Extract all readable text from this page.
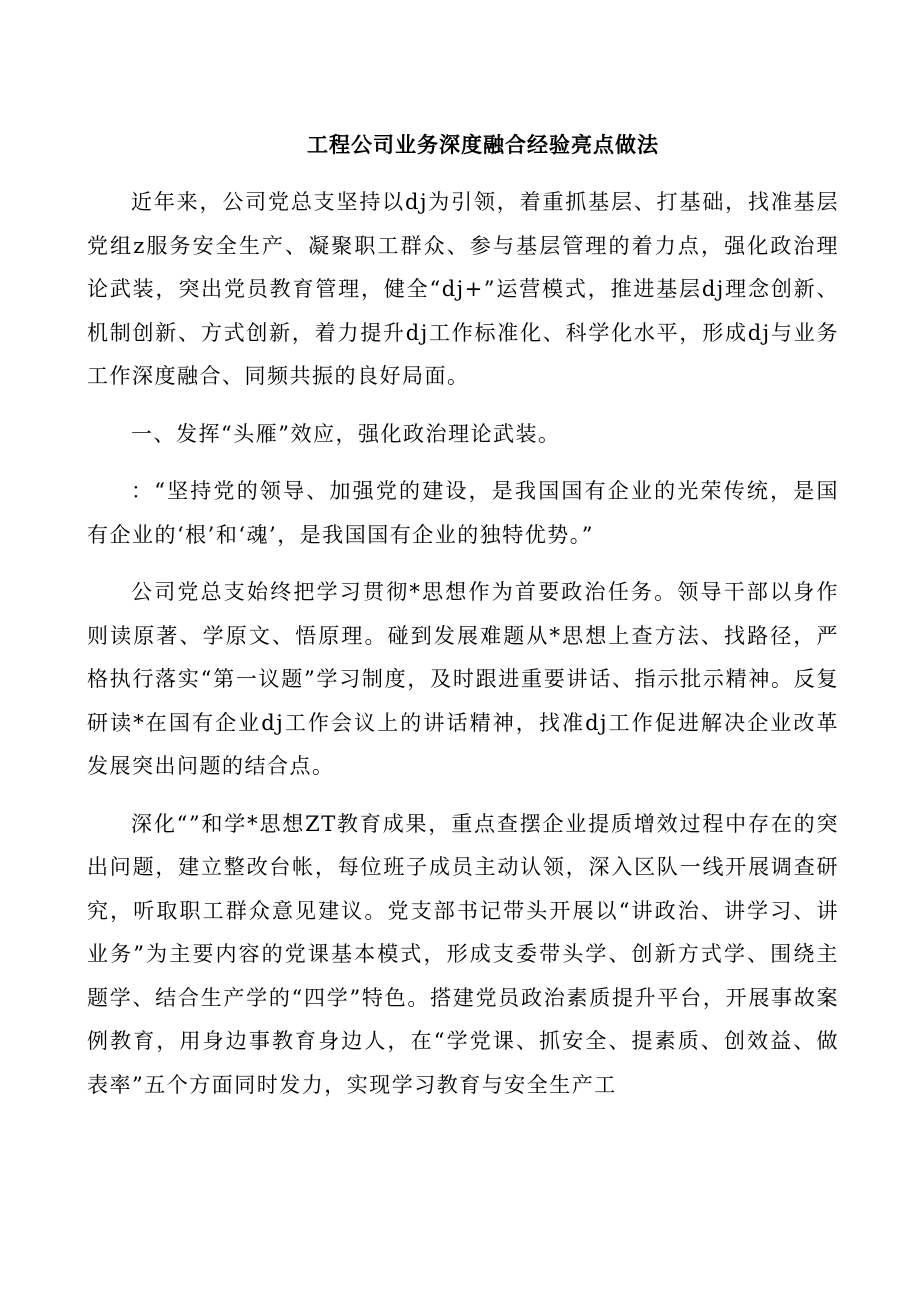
工程公司业务深度融合经验亮点做法

近年来，公司党总支坚持以dj为引领，着重抓基层、打基础，找准基层党组z服务安全生产、凝聚职工群众、参与基层管理的着力点，强化政治理论武装，突出党员教育管理，健全“dj+”运营模式，推进基层dj理念创新、机制创新、方式创新，着力提升dj工作标准化、科学化水平，形成dj与业务工作深度融合、同频共振的良好局面。

一、发挥“头雁”效应，强化政治理论武装。

：“坚持党的领导、加强党的建设，是我国国有企业的光荣传统，是国有企业的‘根’和‘魂’，是我国国有企业的独特优势。”

公司党总支始终把学习贯彻*思想作为首要政治任务。领导干部以身作则读原著、学原文、悟原理。碰到发展难题从*思想上查方法、找路径，严格执行落实“第一议题”学习制度，及时跟进重要讲话、指示批示精神。反复研读*在国有企业dj工作会议上的讲话精神，找准dj工作促进解决企业改革发展突出问题的结合点。

深化“”和学*思想ZT教育成果，重点查摆企业提质增效过程中存在的突出问题，建立整改台帐，每位班子成员主动认领，深入区队一线开展调查研究，听取职工群众意见建议。党支部书记带头开展以“讲政治、讲学习、讲业务”为主要内容的党课基本模式，形成支委带头学、创新方式学、围绕主题学、结合生产学的“四学”特色。搭建党员政治素质提升平台，开展事故案例教育，用身边事教育身边人，在“学党课、抓安全、提素质、创效益、做表率”五个方面同时发力，实现学习教育与安全生产工
